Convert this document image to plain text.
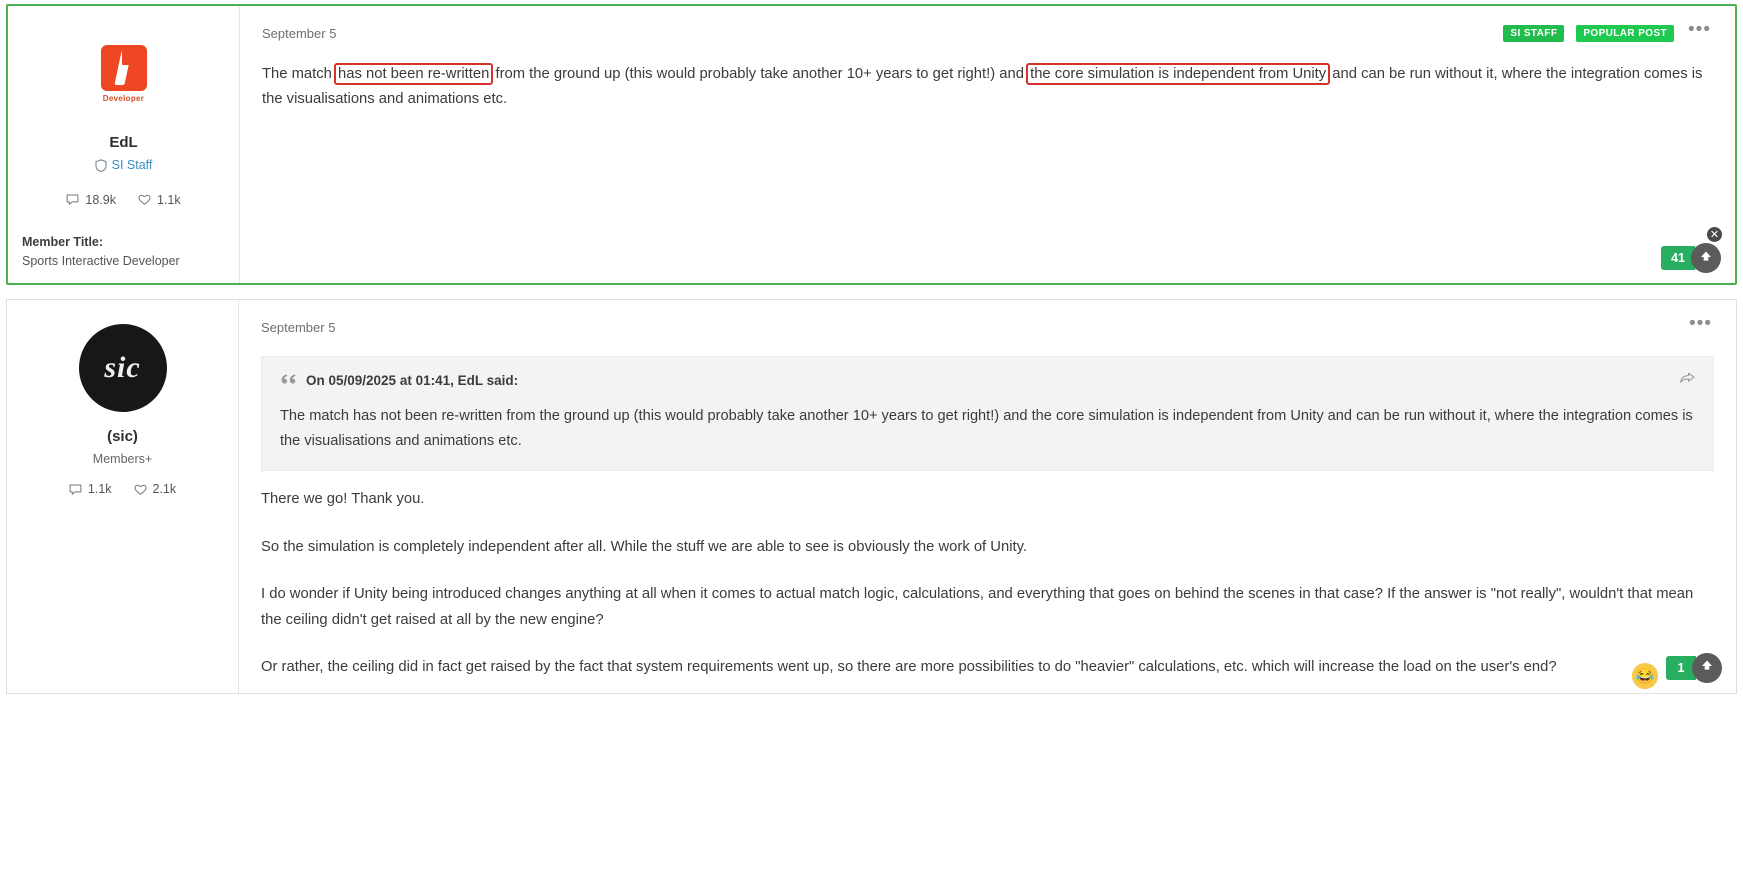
Developer
EdL
SI Staff
18.9k	1.1k
Member Title:
Sports Interactive Developer
September 5	SI STAFF	POPULAR POST	•••

The match has not been re-written from the ground up (this would probably take another 10+ years to get right!) and the core simulation is independent from Unity and can be run without it, where the integration comes is the visualisations and animations etc.

41
✕
sic
(sic)
Members+
1.1k	2.1k
September 5	•••
On 05/09/2025 at 01:41, EdL said:
The match has not been re-written from the ground up (this would probably take another 10+ years to get right!) and the core simulation is independent from Unity and can be run without it, where the integration comes is the visualisations and animations etc.

There we go! Thank you.

So the simulation is completely independent after all. While the stuff we are able to see is obviously the work of Unity.

I do wonder if Unity being introduced changes anything at all when it comes to actual match logic, calculations, and everything that goes on behind the scenes in that case? If the answer is "not really", wouldn't that mean the ceiling didn't get raised at all by the new engine?

Or rather, the ceiling did in fact get raised by the fact that system requirements went up, so there are more possibilities to do "heavier" calculations, etc. which will increase the load on the user's end?

😂	1
